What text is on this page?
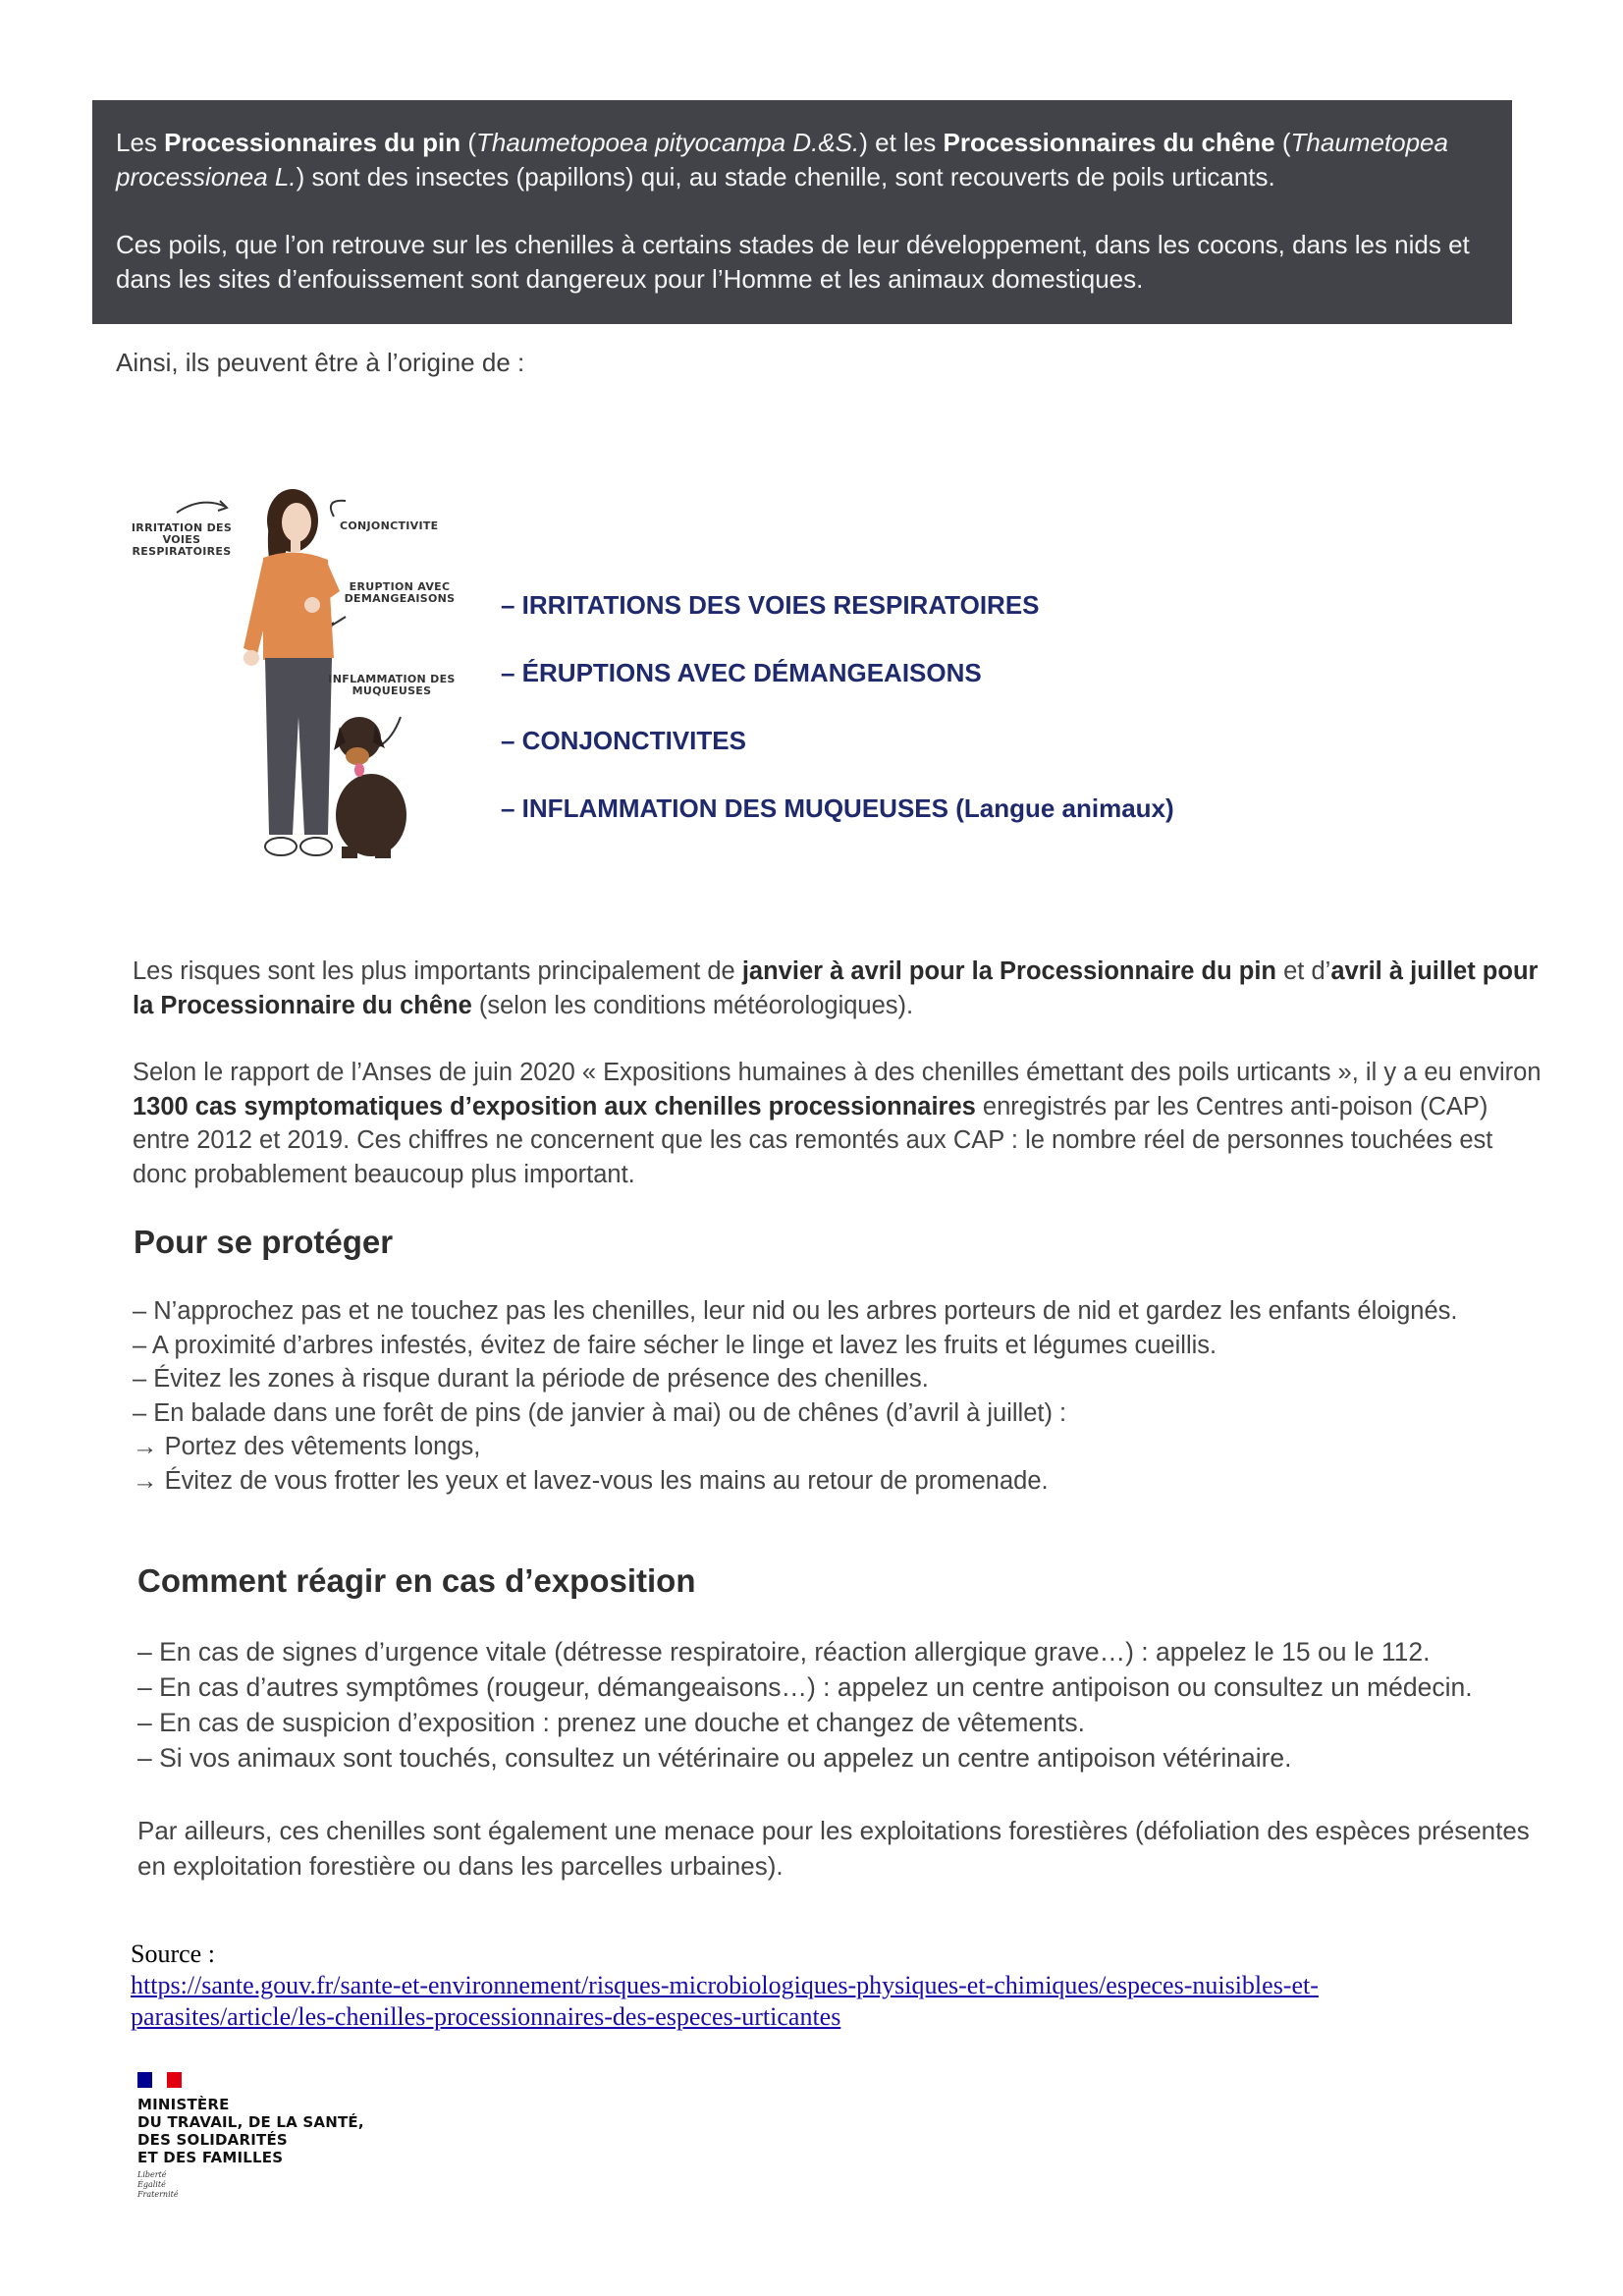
Les Processionnaires du pin (Thaumetopoea pityocampa D.&S.) et les Processionnaires du chêne (Thaumetopea processionea L.) sont des insectes (papillons) qui, au stade chenille, sont recouverts de poils urticants.

Ces poils, que l’on retrouve sur les chenilles à certains stades de leur développement, dans les cocons, dans les nids et dans les sites d’enfouissement sont dangereux pour l’Homme et les animaux domestiques.

Ainsi, ils peuvent être à l’origine de :
IRRITATION DES VOIES RESPIRATOIRES
CONJONCTIVITE
ERUPTION AVEC DEMANGEAISONS
INFLAMMATION DES MUQUEUSES
– IRRITATIONS DES VOIES RESPIRATOIRES
– ÉRUPTIONS AVEC DÉMANGEAISONS
– CONJONCTIVITES
– INFLAMMATION DES MUQUEUSES (Langue animaux)
Les risques sont les plus importants principalement de janvier à avril pour la Processionnaire du pin et d’avril à juillet pour la Processionnaire du chêne (selon les conditions météorologiques).
Selon le rapport de l’Anses de juin 2020 « Expositions humaines à des chenilles émettant des poils urticants », il y a eu environ 1300 cas symptomatiques d’exposition aux chenilles processionnaires enregistrés par les Centres anti-poison (CAP) entre 2012 et 2019. Ces chiffres ne concernent que les cas remontés aux CAP : le nombre réel de personnes touchées est donc probablement beaucoup plus important.
Pour se protéger

– N’approchez pas et ne touchez pas les chenilles, leur nid ou les arbres porteurs de nid et gardez les enfants éloignés.

– A proximité d’arbres infestés, évitez de faire sécher le linge et lavez les fruits et légumes cueillis.

– Évitez les zones à risque durant la période de présence des chenilles.

– En balade dans une forêt de pins (de janvier à mai) ou de chênes (d’avril à juillet) :

→ Portez des vêtements longs,

→ Évitez de vous frotter les yeux et lavez-vous les mains au retour de promenade.

Comment réagir en cas d’exposition

– En cas de signes d’urgence vitale (détresse respiratoire, réaction allergique grave…) : appelez le 15 ou le 112.

– En cas d’autres symptômes (rougeur, démangeaisons…) : appelez un centre antipoison ou consultez un médecin.

– En cas de suspicion d’exposition : prenez une douche et changez de vêtements.

– Si vos animaux sont touchés, consultez un vétérinaire ou appelez un centre antipoison vétérinaire.

Par ailleurs, ces chenilles sont également une menace pour les exploitations forestières (défoliation des espèces présentes en exploitation forestière ou dans les parcelles urbaines).
Source :
https://sante.gouv.fr/sante-et-environnement/risques-microbiologiques-physiques-et-chimiques/especes-nuisibles-et-
parasites/article/les-chenilles-processionnaires-des-especes-urticantes
MINISTÈRE
DU TRAVAIL, DE LA SANTÉ,
DES SOLIDARITÉS
ET DES FAMILLES
Liberté
Égalité
Fraternité
